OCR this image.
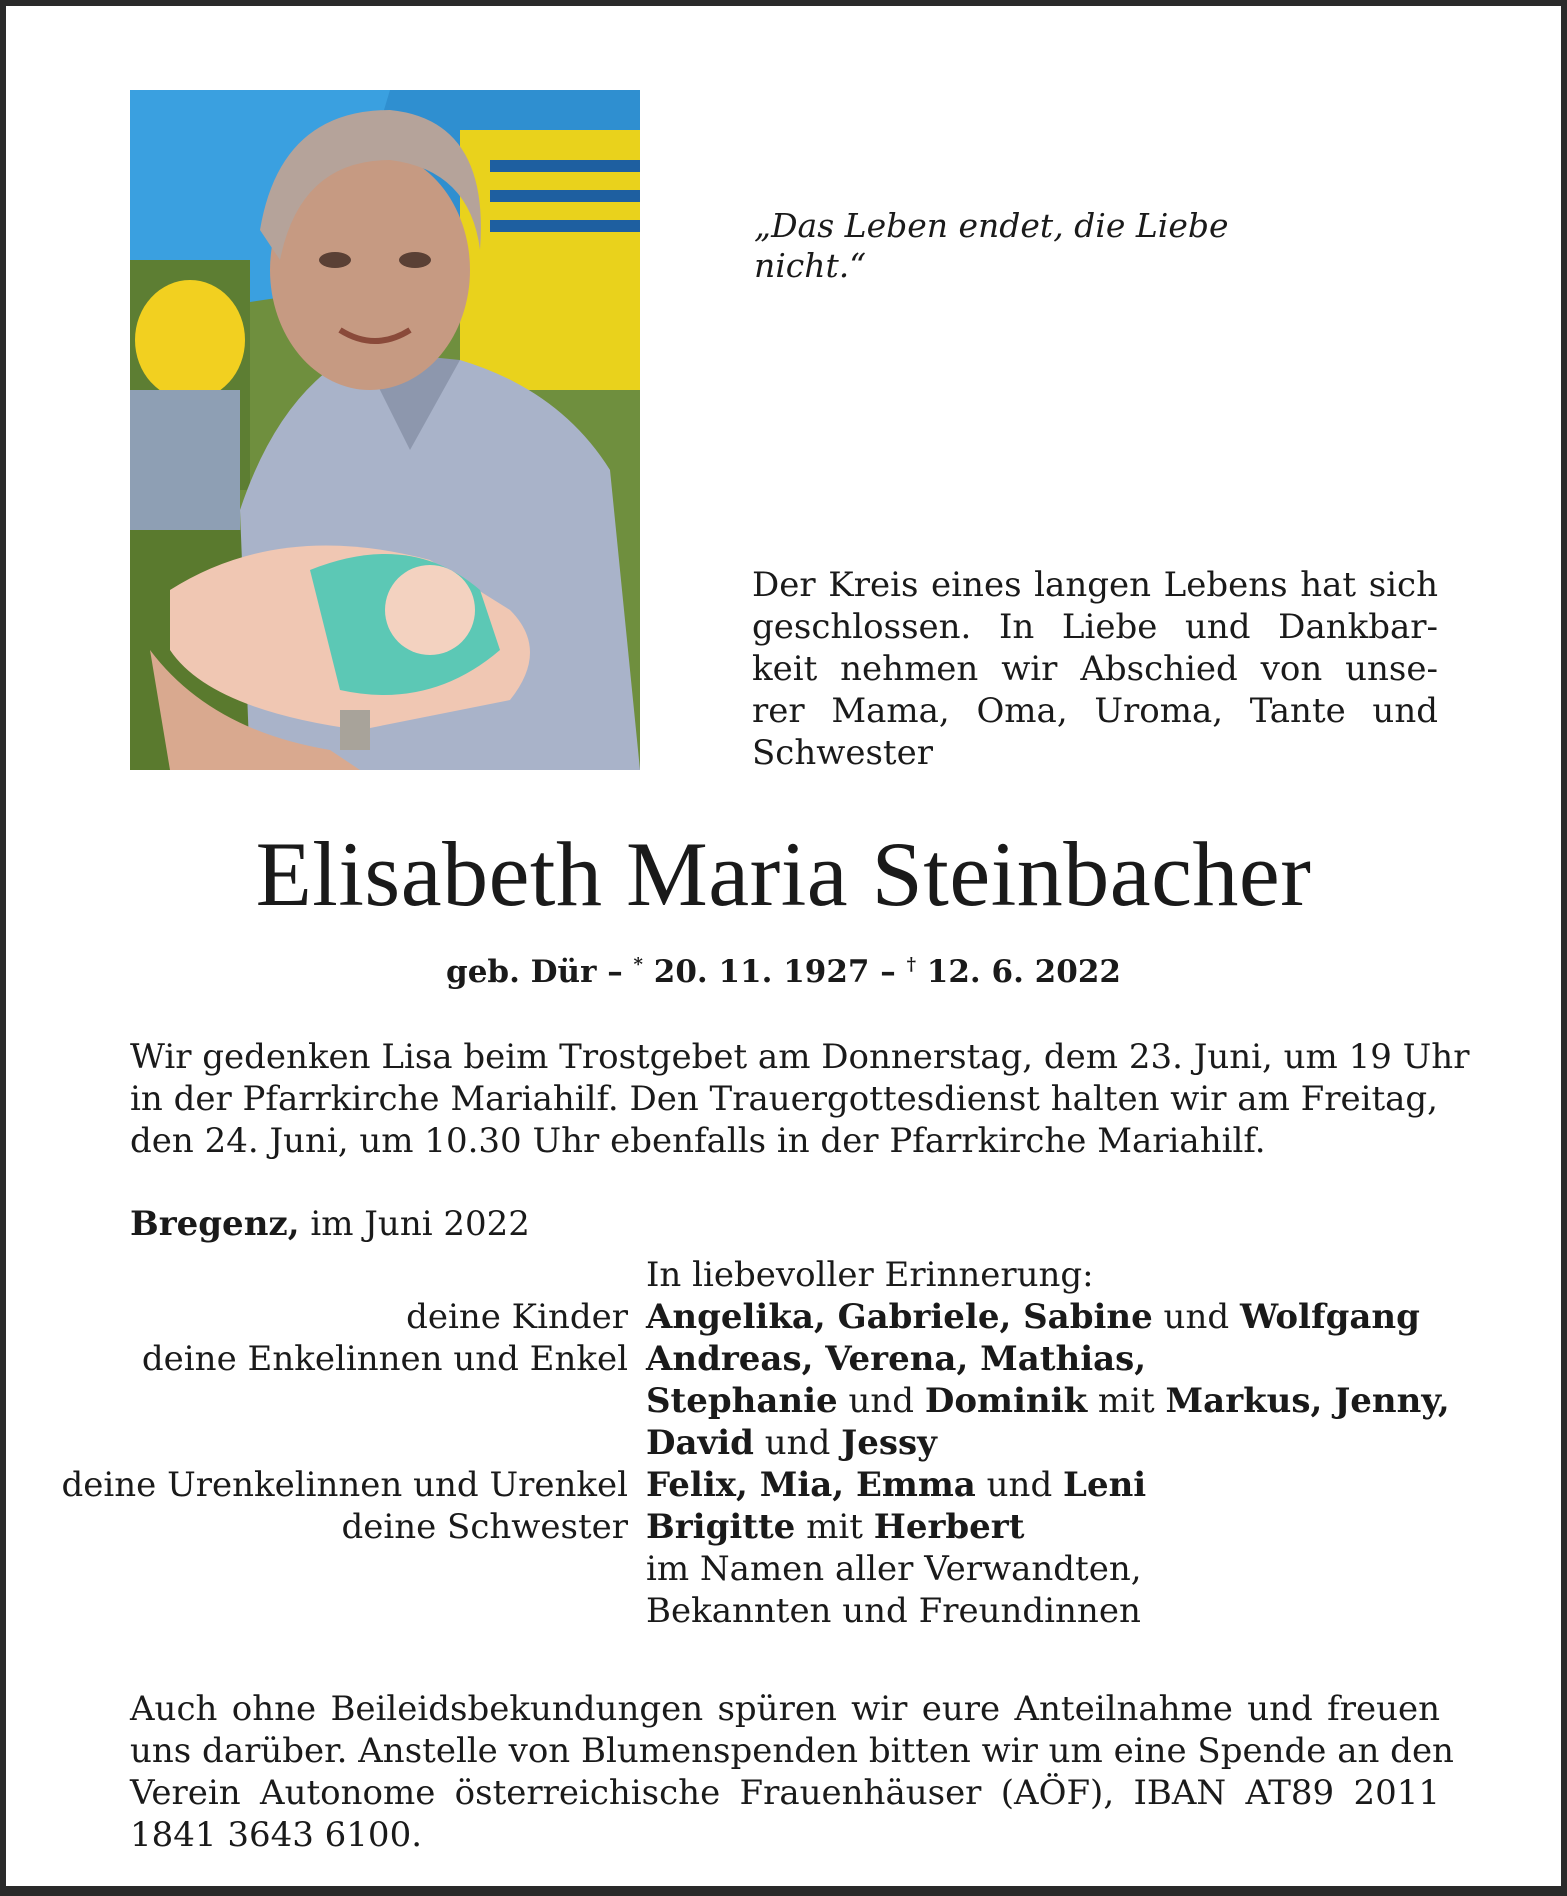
„Das Leben endet, die Liebe nicht.“
Der Kreis eines langen Lebens hat sich
geschlossen. In Liebe und Dankbar-
keit nehmen wir Abschied von unse-
rer Mama, Oma, Uroma, Tante und
Schwester
Elisabeth Maria Steinbacher
geb. Dür – * 20. 11. 1927 – † 12. 6. 2022
Wir gedenken Lisa beim Trostgebet am Donnerstag, dem 23. Juni, um 19 Uhr
in der Pfarrkirche Mariahilf. Den Trauergottesdienst halten wir am Freitag,
den 24. Juni, um 10.30 Uhr ebenfalls in der Pfarrkirche Mariahilf.
Bregenz, im Juni 2022
In liebevoller Erinnerung:
deine Kinder Angelika, Gabriele, Sabine und Wolfgang
deine Enkelinnen und Enkel Andreas, Verena, Mathias,
Stephanie und Dominik mit Markus, Jenny,
David und Jessy
deine Urenkelinnen und Urenkel Felix, Mia, Emma und Leni
deine Schwester Brigitte mit Herbert
im Namen aller Verwandten,
Bekannten und Freundinnen
Auch ohne Beileidsbekundungen spüren wir eure Anteilnahme und freuen
uns darüber. Anstelle von Blumenspenden bitten wir um eine Spende an den
Verein Autonome österreichische Frauenhäuser (AÖF), IBAN AT89 2011
1841 3643 6100.
